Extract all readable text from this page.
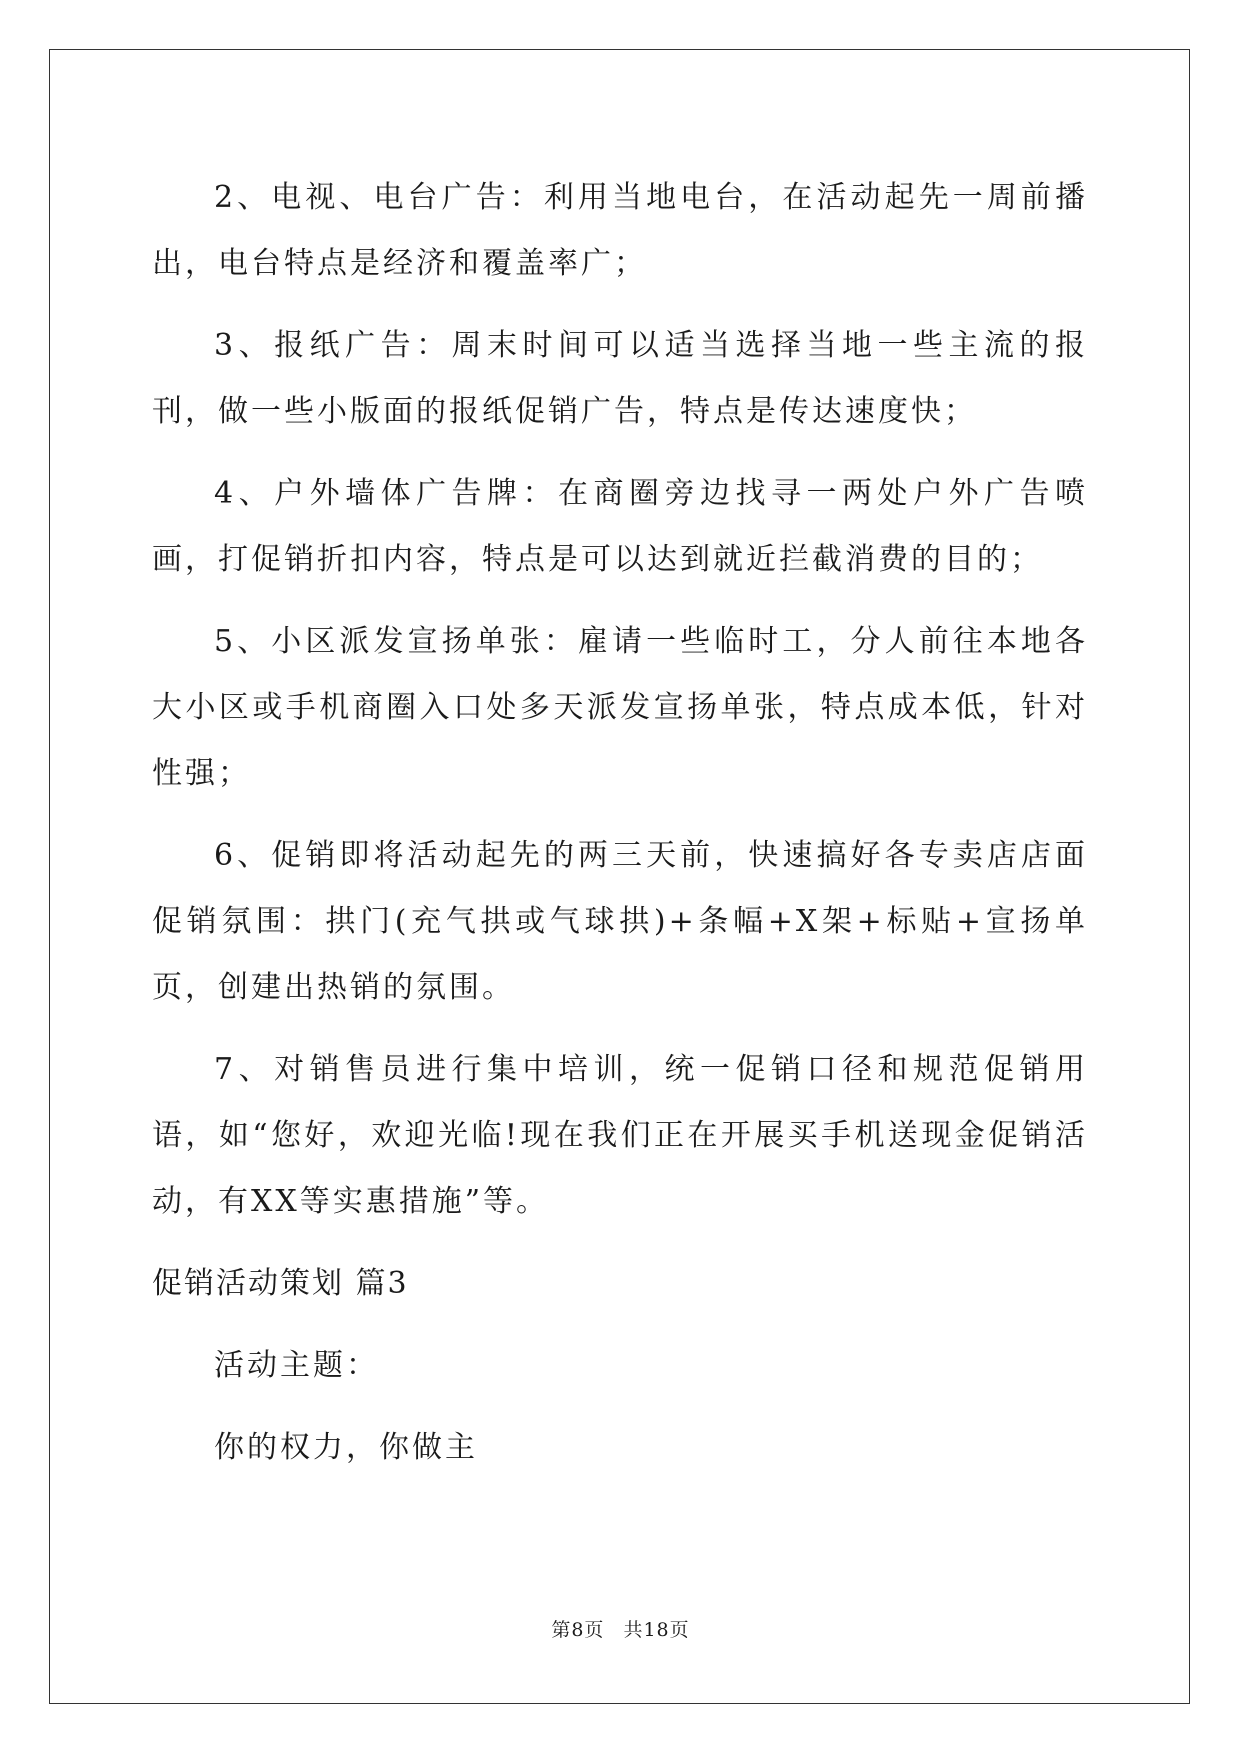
2、电视、电台广告：利用当地电台，在活动起先一周前播出，电台特点是经济和覆盖率广；

3、报纸广告：周末时间可以适当选择当地一些主流的报刊，做一些小版面的报纸促销广告，特点是传达速度快；

4、户外墙体广告牌：在商圈旁边找寻一两处户外广告喷画，打促销折扣内容，特点是可以达到就近拦截消费的目的；

5、小区派发宣扬单张：雇请一些临时工，分人前往本地各大小区或手机商圈入口处多天派发宣扬单张，特点成本低，针对性强；

6、促销即将活动起先的两三天前，快速搞好各专卖店店面促销氛围：拱门(充气拱或气球拱)+条幅+X架+标贴+宣扬单页，创建出热销的氛围。

7、对销售员进行集中培训，统一促销口径和规范促销用语，如“您好，欢迎光临!现在我们正在开展买手机送现金促销活动，有XX等实惠措施”等。

促销活动策划 篇3

活动主题：

你的权力，你做主

第8页 共18页
